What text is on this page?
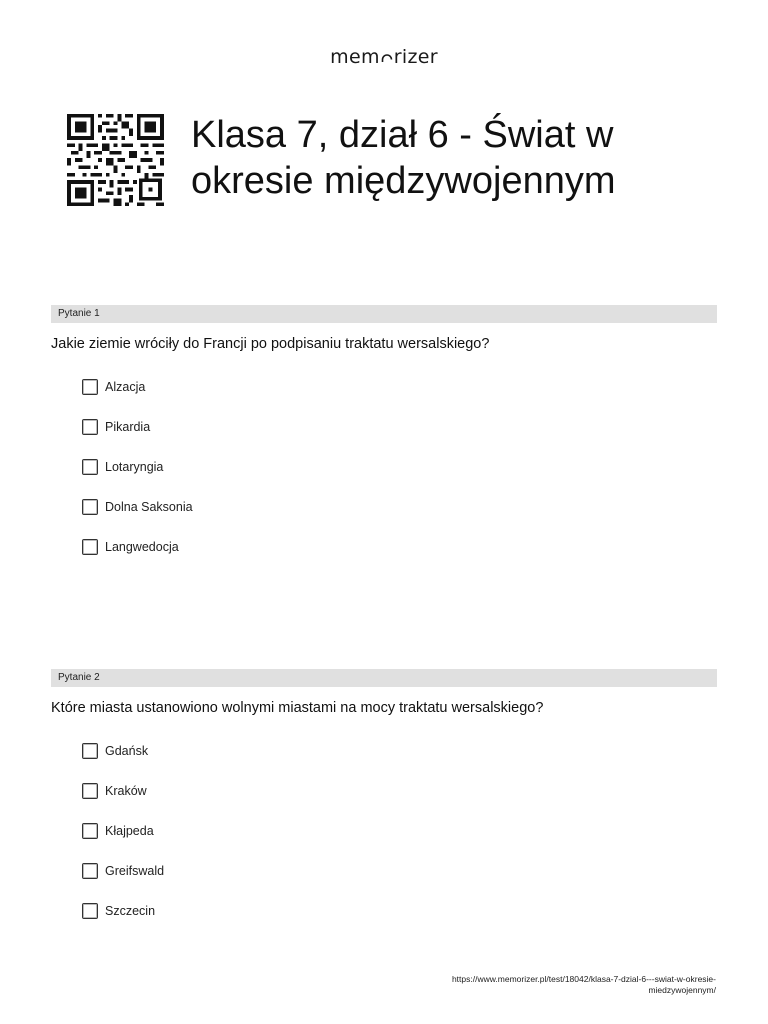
mem rizer
Klasa 7, dział 6 - Świat w okresie międzywojennym
Pytanie 1
Jakie ziemie wróciły do Francji po podpisaniu traktatu wersalskiego?
Alzacja
Pikardia
Lotaryngia
Dolna Saksonia
Langwedocja
Pytanie 2
Które miasta ustanowiono wolnymi miastami na mocy traktatu wersalskiego?
Gdańsk
Kraków
Kłajpeda
Greifswald
Szczecin
https://www.memorizer.pl/test/18042/klasa-7-dzial-6---swiat-w-okresie-miedzywojennym/
